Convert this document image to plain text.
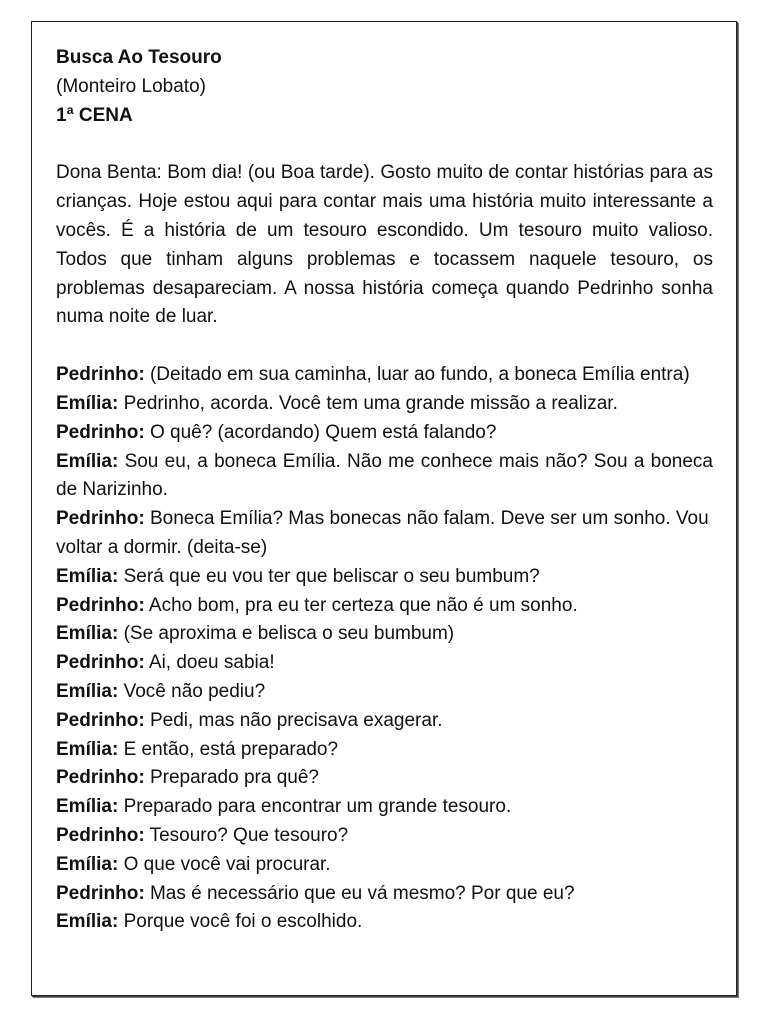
Busca Ao Tesouro
(Monteiro Lobato)
1ª CENA

Dona Benta: Bom dia! (ou Boa tarde). Gosto muito de contar histórias para as crianças. Hoje estou aqui para contar mais uma história muito interessante a vocês. É a história de um tesouro escondido. Um tesouro muito valioso. Todos que tinham alguns problemas e tocassem naquele tesouro, os problemas desapareciam. A nossa história começa quando Pedrinho sonha numa noite de luar.

Pedrinho: (Deitado em sua caminha, luar ao fundo, a boneca Emília entra)

Emília: Pedrinho, acorda. Você tem uma grande missão a realizar.

Pedrinho: O quê? (acordando) Quem está falando?

Emília: Sou eu, a boneca Emília. Não me conhece mais não? Sou a boneca de Narizinho.

Pedrinho: Boneca Emília? Mas bonecas não falam. Deve ser um sonho. Vou voltar a dormir. (deita-se)

Emília: Será que eu vou ter que beliscar o seu bumbum?

Pedrinho: Acho bom, pra eu ter certeza que não é um sonho.

Emília: (Se aproxima e belisca o seu bumbum)

Pedrinho: Ai, doeu sabia!

Emília: Você não pediu?

Pedrinho: Pedi, mas não precisava exagerar.

Emília: E então, está preparado?

Pedrinho: Preparado pra quê?

Emília: Preparado para encontrar um grande tesouro.

Pedrinho: Tesouro? Que tesouro?

Emília: O que você vai procurar.

Pedrinho: Mas é necessário que eu vá mesmo? Por que eu?

Emília: Porque você foi o escolhido.
